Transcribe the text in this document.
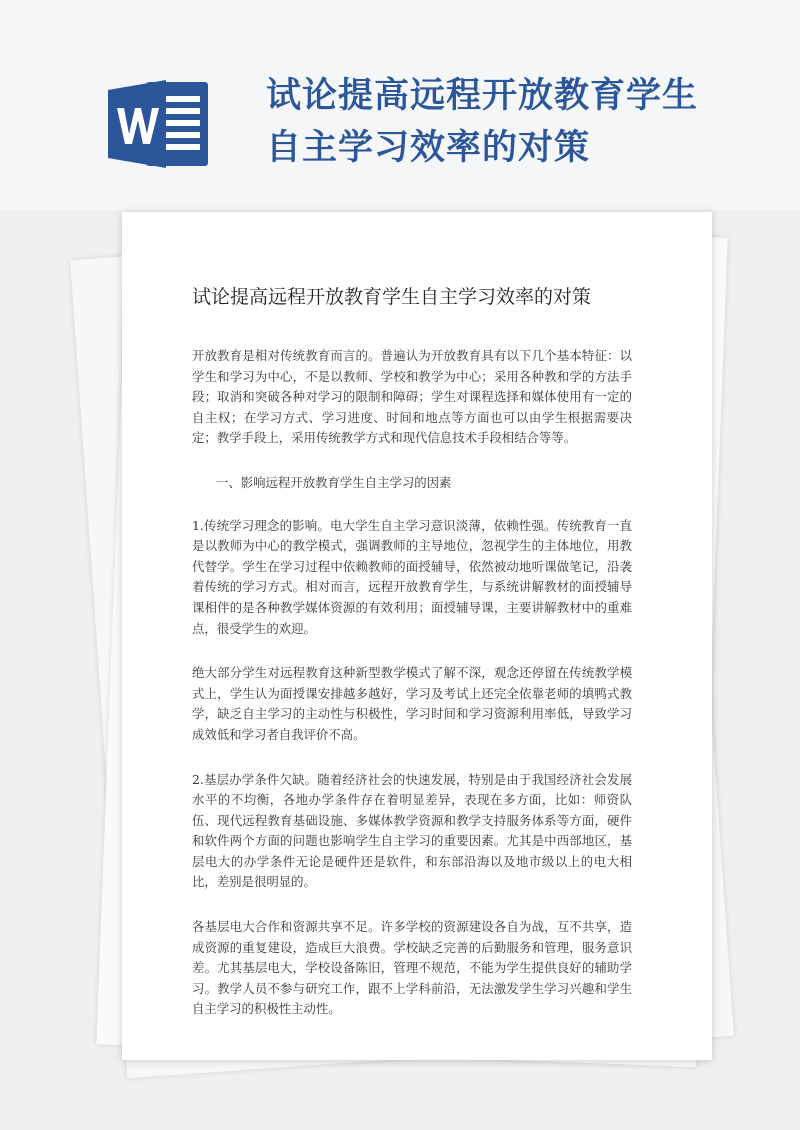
试论提高远程开放教育学生自主学习效率的对策
试论提高远程开放教育学生自主学习效率的对策

开放教育是相对传统教育而言的。普遍认为开放教育具有以下几个基本特征：以学生和学习为中心，不是以教师、学校和教学为中心；采用各种教和学的方法手段；取消和突破各种对学习的限制和障碍；学生对课程选择和媒体使用有一定的自主权；在学习方式、学习进度、时间和地点等方面也可以由学生根据需要决定；教学手段上，采用传统教学方式和现代信息技术手段相结合等等。

一、影响远程开放教育学生自主学习的因素

1.传统学习理念的影响。电大学生自主学习意识淡薄，依赖性强。传统教育一直是以教师为中心的教学模式，强调教师的主导地位，忽视学生的主体地位，用教代替学。学生在学习过程中依赖教师的面授辅导，依然被动地听课做笔记，沿袭着传统的学习方式。相对而言，远程开放教育学生，与系统讲解教材的面授辅导课相伴的是各种教学媒体资源的有效利用；面授辅导课，主要讲解教材中的重难点，很受学生的欢迎。

绝大部分学生对远程教育这种新型教学模式了解不深，观念还停留在传统教学模式上，学生认为面授课安排越多越好，学习及考试上还完全依靠老师的填鸭式教学，缺乏自主学习的主动性与积极性，学习时间和学习资源利用率低，导致学习成效低和学习者自我评价不高。

2.基层办学条件欠缺。随着经济社会的快速发展，特别是由于我国经济社会发展水平的不均衡，各地办学条件存在着明显差异，表现在多方面，比如：师资队伍、现代远程教育基础设施、多媒体教学资源和教学支持服务体系等方面，硬件和软件两个方面的问题也影响学生自主学习的重要因素。尤其是中西部地区，基层电大的办学条件无论是硬件还是软件，和东部沿海以及地市级以上的电大相比，差别是很明显的。

各基层电大合作和资源共享不足。许多学校的资源建设各自为战，互不共享，造成资源的重复建设，造成巨大浪费。学校缺乏完善的后勤服务和管理，服务意识差。尤其基层电大，学校设备陈旧，管理不规范，不能为学生提供良好的辅助学习。教学人员不参与研究工作，跟不上学科前沿，无法激发学生学习兴趣和学生自主学习的积极性主动性。
